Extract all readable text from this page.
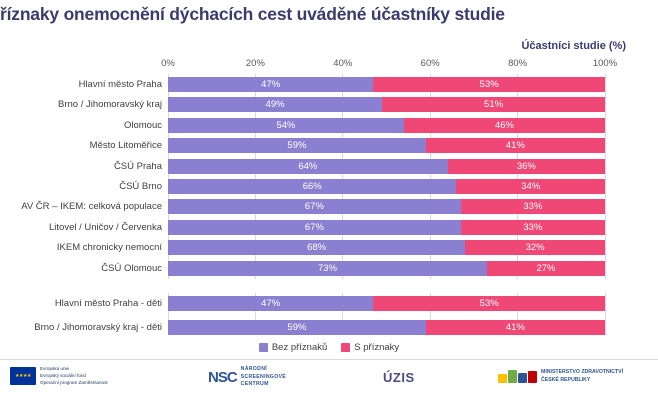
říznaky onemocnění dýchacích cest uváděné účastníky studie
Účastníci studie (%)
0%	20%	40%	60%	80%	100%
Hlavní město Praha	47%	53%
Brno / Jihomoravský kraj	49%	51%
Olomouc	54%	46%
Město Litoměřice	59%	41%
ČSÚ Praha	64%	36%
ČSÚ Brno	66%	34%
AV ČR – IKEM: celková populace	67%	33%
Litovel / Uničov / Červenka	67%	33%
IKEM chronicky nemocní	68%	32%
ČSÚ Olomouc	73%	27%
Hlavní město Praha - děti	47%	53%
Brno / Jihomoravský kraj - děti	59%	41%
Bez příznaků	S příznaky
★★★★
Evropská unie
Evropský sociální fond
Operační program Zaměstnanost	NSC NÁRODNÍ
SCREENINGOVÉ
CENTRUM	ÚZIS	MINISTERSTVO ZDRAVOTNICTVÍ
ČESKÉ REPUBLIKY
